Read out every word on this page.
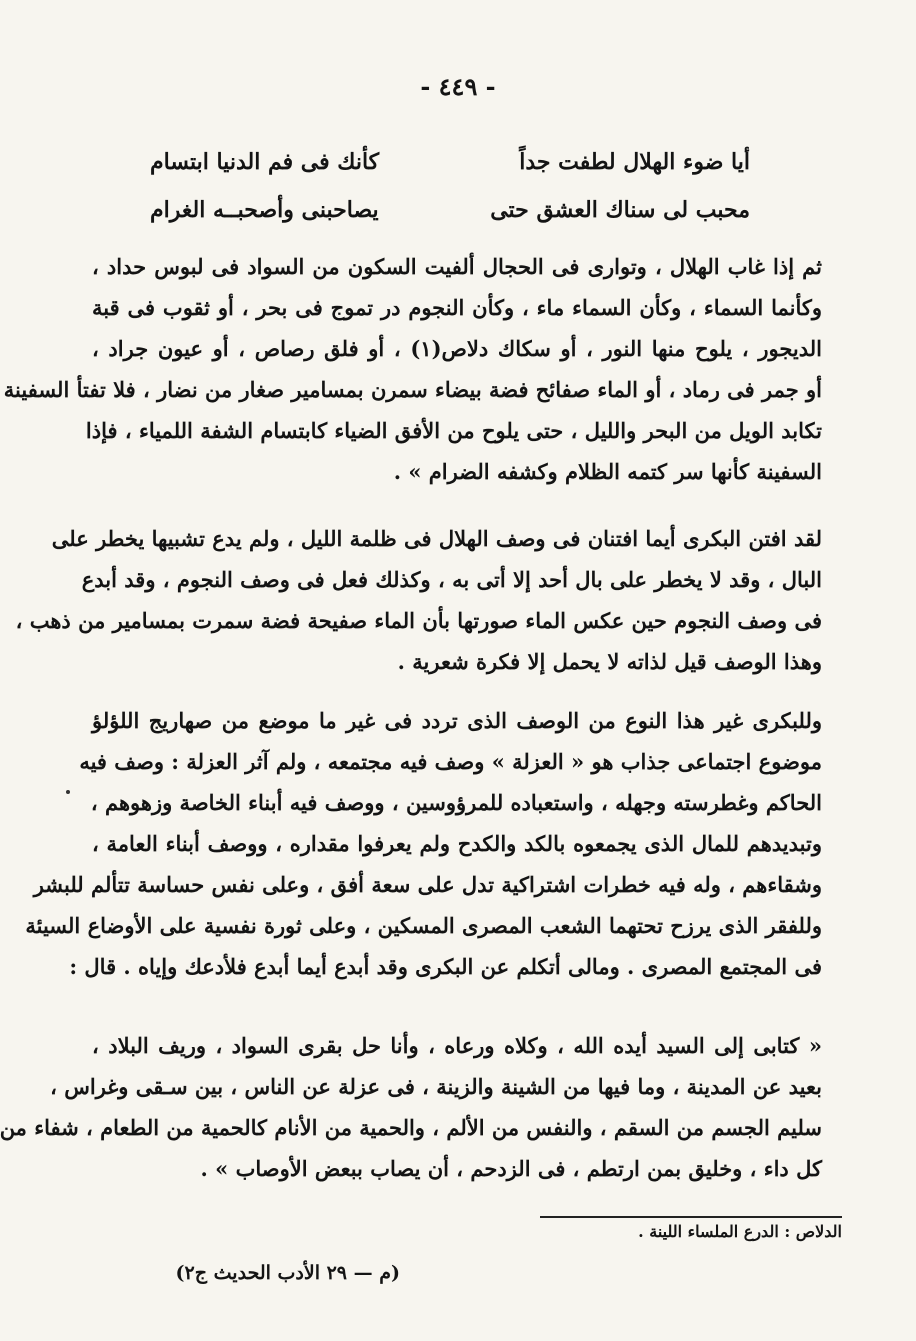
- ٤٤٩ -
أيا ضوء الهلال لطفت جداً
كأنك فى فم الدنيا ابتسام
محبب لى سناك العشق حتى
يصاحبنى وأصحبــه الغرام
ثم إذا غاب الهلال ، وتوارى فى الحجال ألفيت السكون من السواد فى لبوس حداد ،
وكأنما السماء ، وكأن السماء ماء ، وكأن النجوم در تموج فى بحر ، أو ثقوب فى قبة
الديجور ، يلوح منها النور ، أو سكاك دلاص(١) ، أو فلق رصاص ، أو عيون جراد ،
أو جمر فى رماد ، أو الماء صفائح فضة بيضاء سمرن بمسامير صغار من نضار ، فلا تفتأ السفينة
تكابد الويل من البحر والليل ، حتى يلوح من الأفق الضياء كابتسام الشفة اللمياء ، فإذا
السفينة كأنها سر كتمه الظلام وكشفه الضرام » .
لقد افتن البكرى أيما افتنان فى وصف الهلال فى ظلمة الليل ، ولم يدع تشبيها يخطر على
البال ، وقد لا يخطر على بال أحد إلا أتى به ، وكذلك فعل فى وصف النجوم ، وقد أبدع
فى وصف النجوم حين عكس الماء صورتها بأن الماء صفيحة فضة سمرت بمسامير من ذهب ،
وهذا الوصف قيل لذاته لا يحمل إلا فكرة شعرية .
وللبكرى غير هذا النوع من الوصف الذى تردد فى غير ما موضع من صهاريج اللؤلؤ
موضوع اجتماعى جذاب هو « العزلة » وصف فيه مجتمعه ، ولم آثر العزلة : وصف فيه
الحاكم وغطرسته وجهله ، واستعباده للمرؤوسين ، ووصف فيه أبناء الخاصة وزهوهم ،
وتبديدهم للمال الذى يجمعوه بالكد والكدح ولم يعرفوا مقداره ، ووصف أبناء العامة ،
وشقاءهم ، وله فيه خطرات اشتراكية تدل على سعة أفق ، وعلى نفس حساسة تتألم للبشر
وللفقر الذى يرزح تحتهما الشعب المصرى المسكين ، وعلى ثورة نفسية على الأوضاع السيئة
فى المجتمع المصرى . ومالى أتكلم عن البكرى وقد أبدع أيما أبدع فلأدعك وإياه . قال :
« كتابى إلى السيد أيده الله ، وكلاه ورعاه ، وأنا حل بقرى السواد ، وريف البلاد ،
بعيد عن المدينة ، وما فيها من الشينة والزينة ، فى عزلة عن الناس ، بين سـقى وغراس ،
سليم الجسم من السقم ، والنفس من الألم ، والحمية من الأنام كالحمية من الطعام ، شفاء من
كل داء ، وخليق بمن ارتطم ، فى الزدحم ، أن يصاب ببعض الأوصاب » .
الدلاص : الدرع الملساء اللينة .
(م — ٢٩ الأدب الحديث ج٢)
